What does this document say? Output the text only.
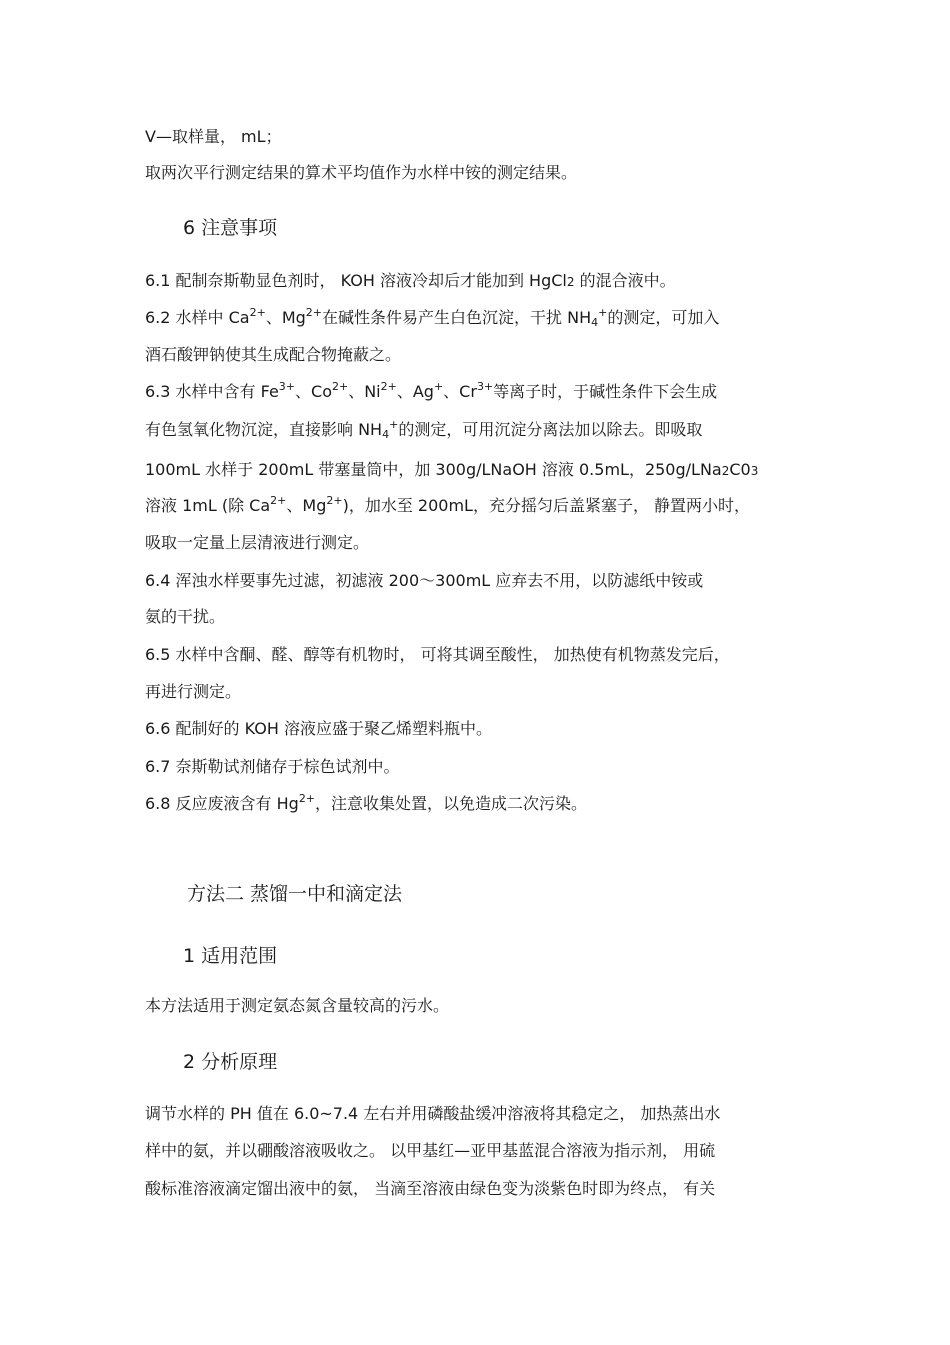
V—取样量， mL；
取两次平行测定结果的算术平均值作为水样中铵的测定结果。
6 注意事项
6.1 配制奈斯勒显色剂时， KOH 溶液冷却后才能加到 HgCl2 的混合液中。
6.2 水样中 $Ca^{2+}$、$Mg^{2+}$在碱性条件易产生白色沉淀，干扰 $NH_4^+$的测定，可加入
酒石酸钾钠使其生成配合物掩蔽之。
6.3 水样中含有 $Fe^{3+}$、$Co^{2+}$、$Ni^{2+}$、Ag+、$Cr^{3+}$等离子时，于碱性条件下会生成
有色氢氧化物沉淀，直接影响 $NH_4^+$的测定，可用沉淀分离法加以除去。即吸取
100mL 水样于 200mL 带塞量筒中，加 300g/LNaOH 溶液 0.5mL，250g/LNa2C03
溶液 1mL (除 $Ca^{2+}$、$Mg^{2+}$)，加水至 200mL，充分摇匀后盖紧塞子， 静置两小时，
吸取一定量上层清液进行测定。
6.4 浑浊水样要事先过滤，初滤液 200～300mL 应弃去不用，以防滤纸中铵或
氨的干扰。
6.5 水样中含酮、醛、醇等有机物时， 可将其调至酸性， 加热使有机物蒸发完后，
再进行测定。
6.6 配制好的 KOH 溶液应盛于聚乙烯塑料瓶中。
6.7 奈斯勒试剂储存于棕色试剂中。
6.8 反应废液含有 $Hg^{2+}$，注意收集处置，以免造成二次污染。
方法二 蒸馏一中和滴定法
1 适用范围
本方法适用于测定氨态氮含量较高的污水。
2 分析原理
调节水样的 PH 值在 6.0~7.4 左右并用磷酸盐缓冲溶液将其稳定之， 加热蒸出水
样中的氨，并以硼酸溶液吸收之。 以甲基红—亚甲基蓝混合溶液为指示剂， 用硫
酸标准溶液滴定馏出液中的氨， 当滴至溶液由绿色变为淡紫色时即为终点， 有关
